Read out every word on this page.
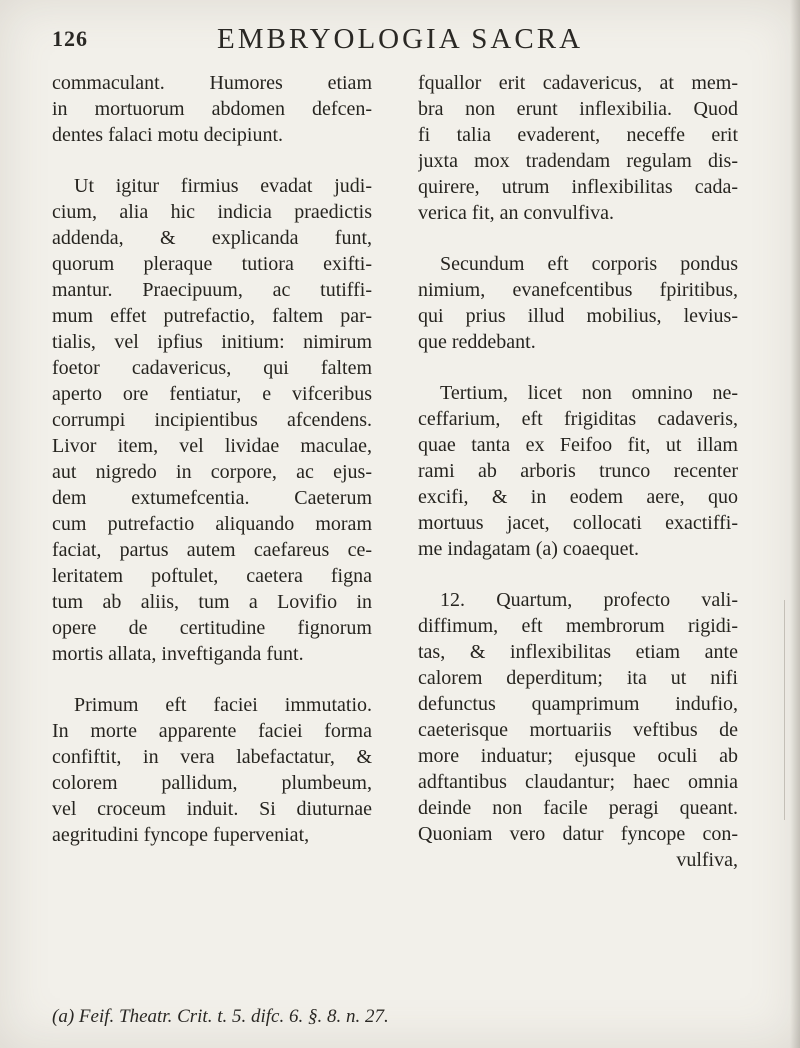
126	EMBRYOLOGIA SACRA
commaculant. Humores etiam
in mortuorum abdomen defcen-
dentes falaci motu decipiunt.
Ut igitur firmius evadat judi-
cium, alia hic indicia praedictis
addenda, & explicanda funt,
quorum pleraque tutiora exifti-
mantur. Praecipuum, ac tutiffi-
mum effet putrefactio, faltem par-
tialis, vel ipfius initium: nimirum
foetor cadavericus, qui faltem
aperto ore fentiatur, e vifceribus
corrumpi incipientibus afcendens.
Livor item, vel lividae maculae,
aut nigredo in corpore, ac ejus-
dem extumefcentia. Caeterum
cum putrefactio aliquando moram
faciat, partus autem caefareus ce-
leritatem poftulet, caetera figna
tum ab aliis, tum a Lovifio in
opere de certitudine fignorum
mortis allata, inveftiganda funt.
Primum eft faciei immutatio.
In morte apparente faciei forma
confiftit, in vera labefactatur, &
colorem pallidum, plumbeum,
vel croceum induit. Si diuturnae
aegritudini fyncope fuperveniat,
fquallor erit cadavericus, at mem-
bra non erunt inflexibilia. Quod
fi talia evaderent, neceffe erit
juxta mox tradendam regulam dis-
quirere, utrum inflexibilitas cada-
verica fit, an convulfiva.
Secundum eft corporis pondus
nimium, evanefcentibus fpiritibus,
qui prius illud mobilius, levius-
que reddebant.
Tertium, licet non omnino ne-
ceffarium, eft frigiditas cadaveris,
quae tanta ex Feifoo fit, ut illam
rami ab arboris trunco recenter
excifi, & in eodem aere, quo
mortuus jacet, collocati exactiffi-
me indagatam (a) coaequet.
12. Quartum, profecto vali-
diffimum, eft membrorum rigidi-
tas, & inflexibilitas etiam ante
calorem deperditum; ita ut nifi
defunctus quamprimum indufio,
caeterisque mortuariis veftibus de
more induatur; ejusque oculi ab
adftantibus claudantur; haec omnia
deinde non facile peragi queant.
Quoniam vero datur fyncope con-
vulfiva,
(a) Feif. Theatr. Crit. t. 5. difc. 6. §. 8. n. 27.
